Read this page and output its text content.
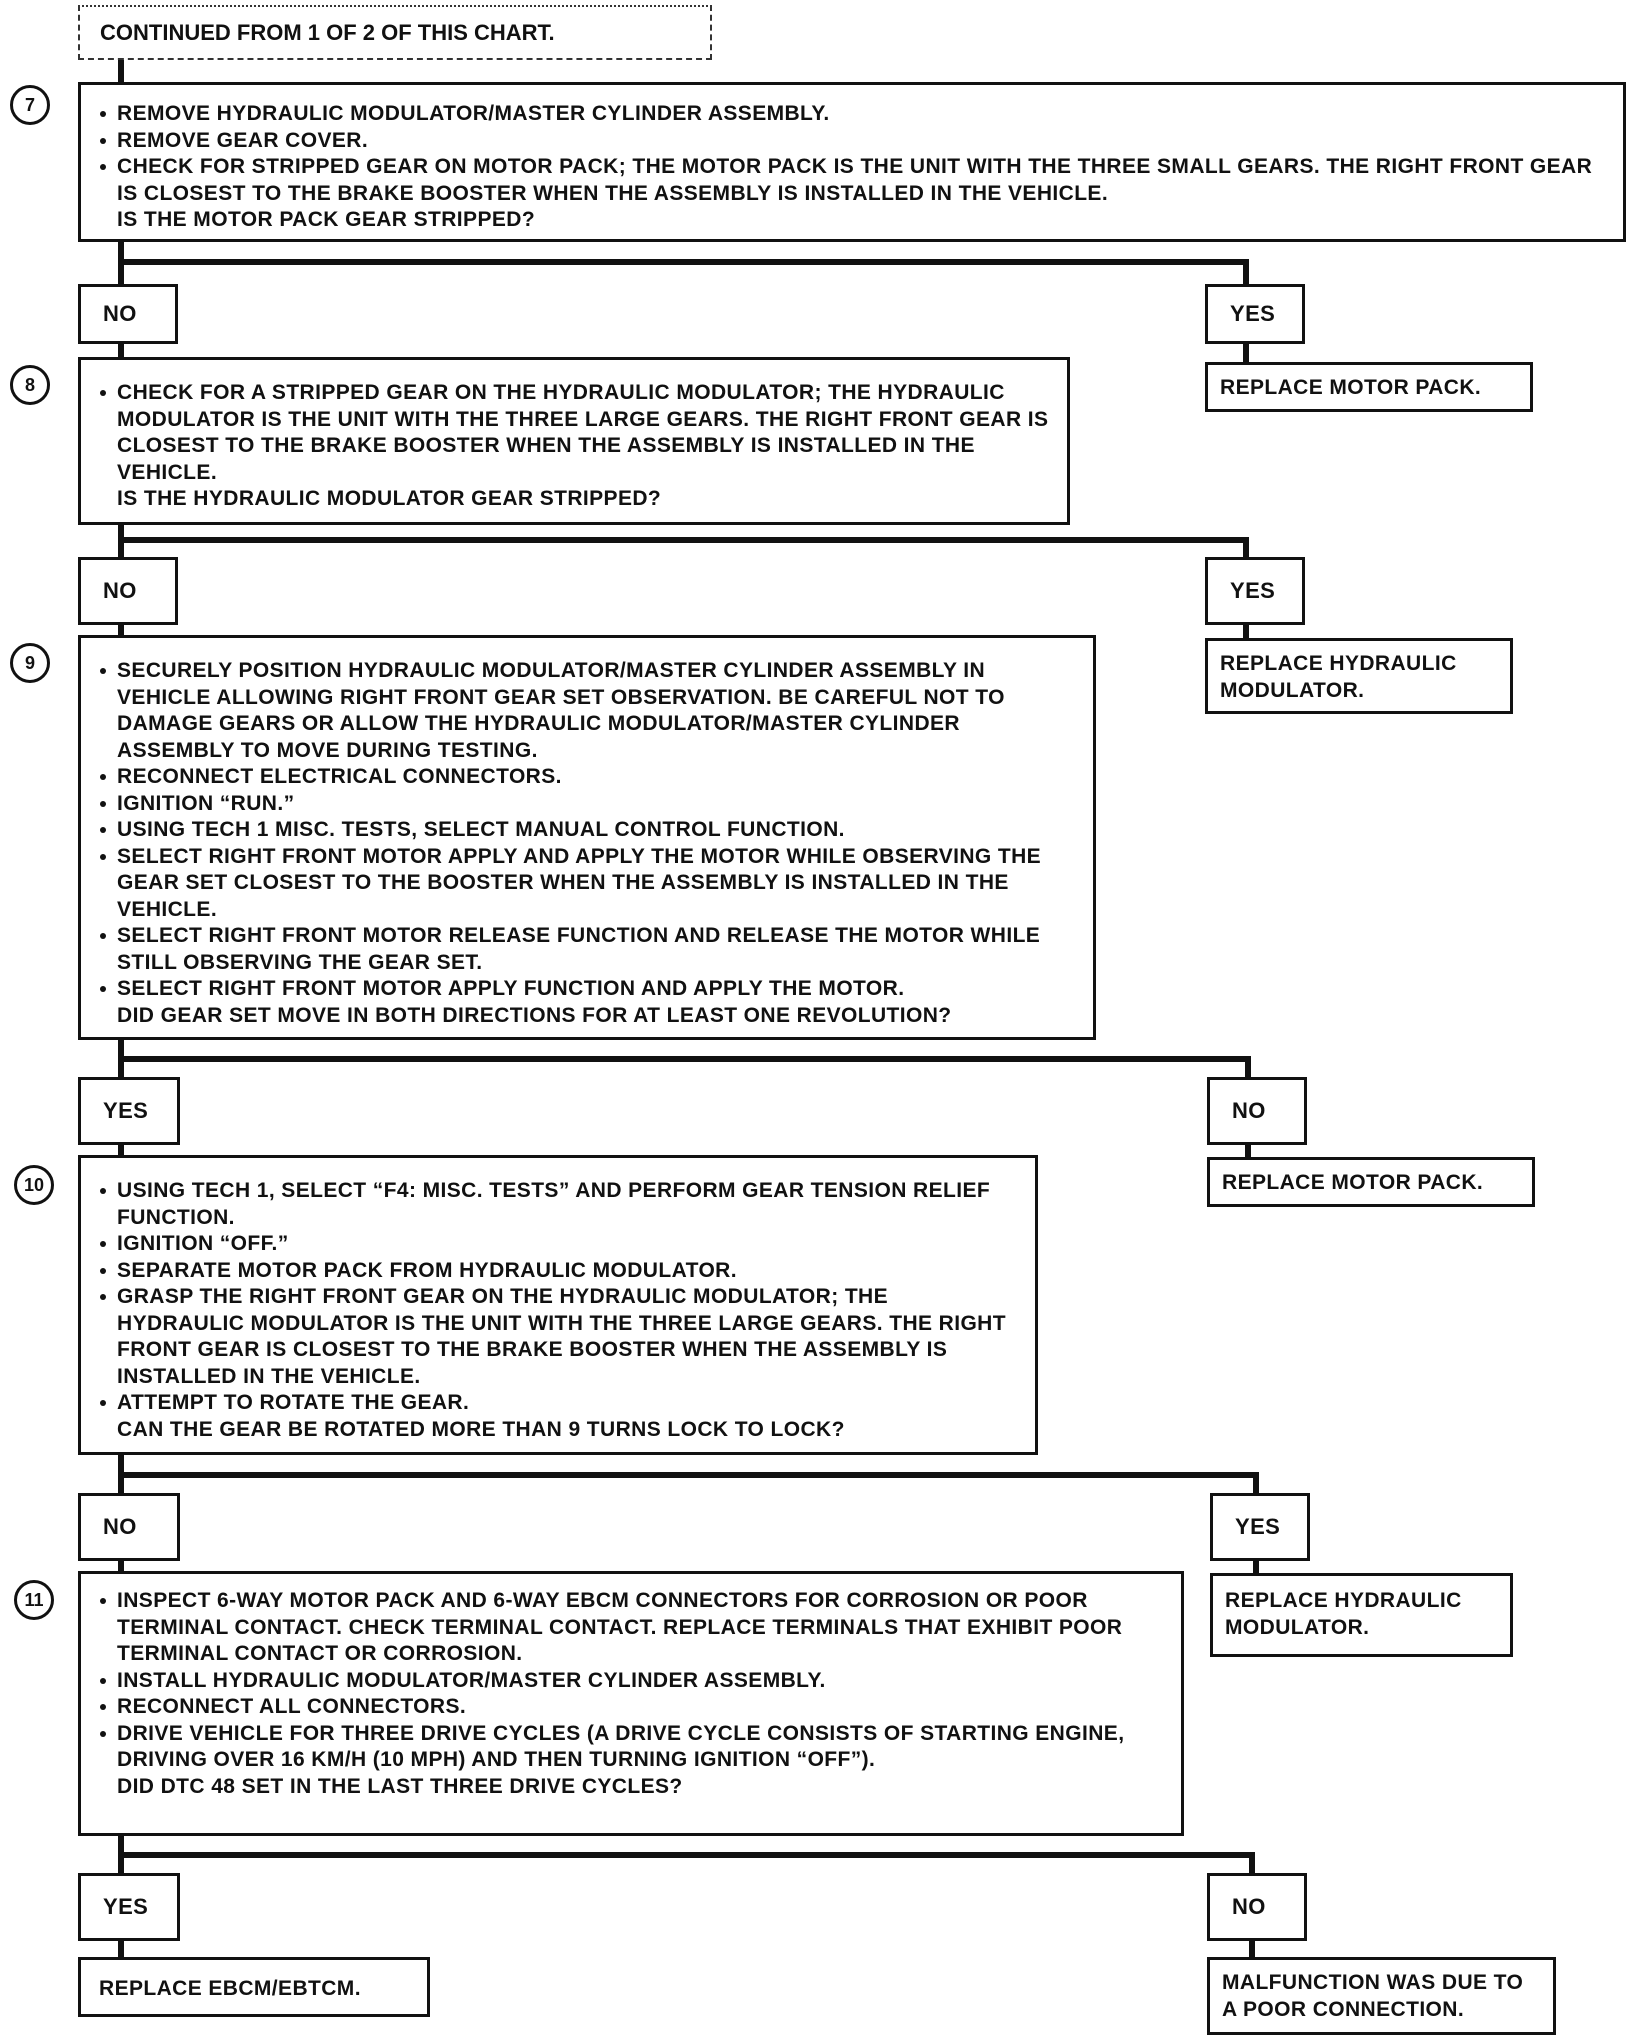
CONTINUED FROM 1 OF 2 OF THIS CHART.
7	REMOVE HYDRAULIC MODULATOR/MASTER CYLINDER ASSEMBLY.
REMOVE GEAR COVER.
CHECK FOR STRIPPED GEAR ON MOTOR PACK; THE MOTOR PACK IS THE UNIT WITH THE THREE SMALL GEARS. THE RIGHT FRONT GEAR IS CLOSEST TO THE BRAKE BOOSTER WHEN THE ASSEMBLY IS INSTALLED IN THE VEHICLE.
IS THE MOTOR PACK GEAR STRIPPED?
NO	YES
REPLACE MOTOR PACK.
8	CHECK FOR A STRIPPED GEAR ON THE HYDRAULIC MODULATOR; THE HYDRAULIC MODULATOR IS THE UNIT WITH THE THREE LARGE GEARS. THE RIGHT FRONT GEAR IS CLOSEST TO THE BRAKE BOOSTER WHEN THE ASSEMBLY IS INSTALLED IN THE VEHICLE.
IS THE HYDRAULIC MODULATOR GEAR STRIPPED?
NO	YES
REPLACE HYDRAULIC MODULATOR.
9	SECURELY POSITION HYDRAULIC MODULATOR/MASTER CYLINDER ASSEMBLY IN VEHICLE ALLOWING RIGHT FRONT GEAR SET OBSERVATION. BE CAREFUL NOT TO DAMAGE GEARS OR ALLOW THE HYDRAULIC MODULATOR/MASTER CYLINDER ASSEMBLY TO MOVE DURING TESTING.
RECONNECT ELECTRICAL CONNECTORS.
IGNITION “RUN.”
USING TECH 1 MISC. TESTS, SELECT MANUAL CONTROL FUNCTION.
SELECT RIGHT FRONT MOTOR APPLY AND APPLY THE MOTOR WHILE OBSERVING THE GEAR SET CLOSEST TO THE BOOSTER WHEN THE ASSEMBLY IS INSTALLED IN THE VEHICLE.
SELECT RIGHT FRONT MOTOR RELEASE FUNCTION AND RELEASE THE MOTOR WHILE STILL OBSERVING THE GEAR SET.
SELECT RIGHT FRONT MOTOR APPLY FUNCTION AND APPLY THE MOTOR.
DID GEAR SET MOVE IN BOTH DIRECTIONS FOR AT LEAST ONE REVOLUTION?
YES	NO
REPLACE MOTOR PACK.
10	USING TECH 1, SELECT “F4: MISC. TESTS” AND PERFORM GEAR TENSION RELIEF FUNCTION.
IGNITION “OFF.”
SEPARATE MOTOR PACK FROM HYDRAULIC MODULATOR.
GRASP THE RIGHT FRONT GEAR ON THE HYDRAULIC MODULATOR; THE HYDRAULIC MODULATOR IS THE UNIT WITH THE THREE LARGE GEARS. THE RIGHT FRONT GEAR IS CLOSEST TO THE BRAKE BOOSTER WHEN THE ASSEMBLY IS INSTALLED IN THE VEHICLE.
ATTEMPT TO ROTATE THE GEAR.
CAN THE GEAR BE ROTATED MORE THAN 9 TURNS LOCK TO LOCK?
NO	YES
REPLACE HYDRAULIC MODULATOR.
11	INSPECT 6-WAY MOTOR PACK AND 6-WAY EBCM CONNECTORS FOR CORROSION OR POOR TERMINAL CONTACT. CHECK TERMINAL CONTACT. REPLACE TERMINALS THAT EXHIBIT POOR TERMINAL CONTACT OR CORROSION.
INSTALL HYDRAULIC MODULATOR/MASTER CYLINDER ASSEMBLY.
RECONNECT ALL CONNECTORS.
DRIVE VEHICLE FOR THREE DRIVE CYCLES (A DRIVE CYCLE CONSISTS OF STARTING ENGINE, DRIVING OVER 16 KM/H (10 MPH) AND THEN TURNING IGNITION “OFF”).
DID DTC 48 SET IN THE LAST THREE DRIVE CYCLES?
YES	NO
REPLACE EBCM/EBTCM.	MALFUNCTION WAS DUE TO A POOR CONNECTION.
